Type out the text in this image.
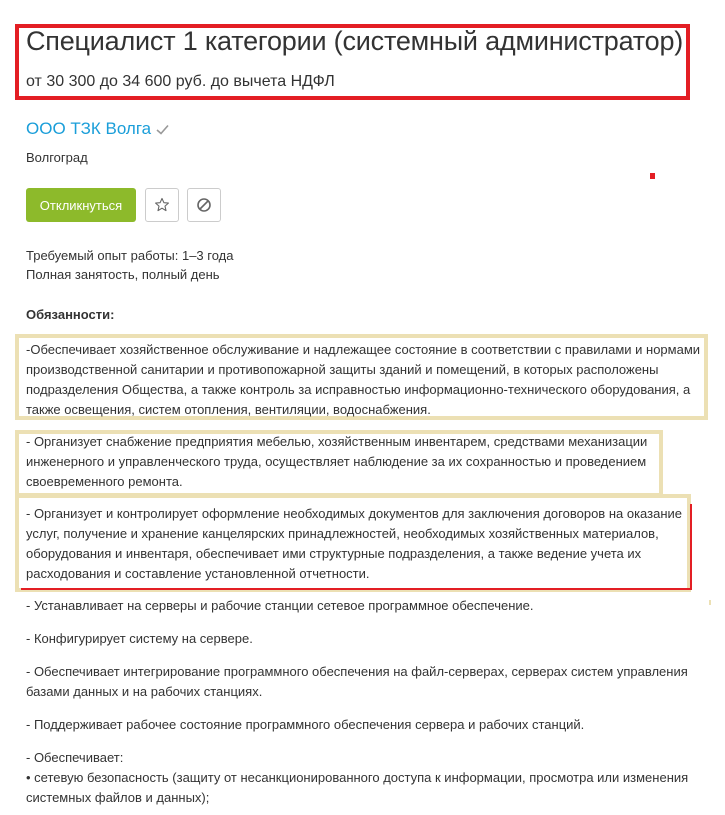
Специалист 1 категории (системный администратор)
от 30 300 до 34 600 руб. до вычета НДФЛ
ООО ТЗК Волга
Волгоград
Откликнуться
Требуемый опыт работы: 1–3 года
Полная занятость, полный день
Обязанности:

-Обеспечивает хозяйственное обслуживание и надлежащее состояние в соответствии с правилами и нормами
производственной санитарии и противопожарной защиты зданий и помещений, в которых расположены
подразделения Общества, а также контроль за исправностью информационно-технического оборудования, а
также освещения, систем отопления, вентиляции, водоснабжения.

- Организует снабжение предприятия мебелью, хозяйственным инвентарем, средствами механизации
инженерного и управленческого труда, осуществляет наблюдение за их сохранностью и проведением
своевременного ремонта.

- Организует и контролирует оформление необходимых документов для заключения договоров на оказание
услуг, получение и хранение канцелярских принадлежностей, необходимых хозяйственных материалов,
оборудования и инвентаря, обеспечивает ими структурные подразделения, а также ведение учета их
расходования и составление установленной отчетности.

- Устанавливает на серверы и рабочие станции сетевое программное обеспечение.

- Конфигурирует систему на сервере.

- Обеспечивает интегрирование программного обеспечения на файл-серверах, серверах систем управления
базами данных и на рабочих станциях.

- Поддерживает рабочее состояние программного обеспечения сервера и рабочих станций.

- Обеспечивает:
• сетевую безопасность (защиту от несанкционированного доступа к информации, просмотра или изменения
системных файлов и данных);
